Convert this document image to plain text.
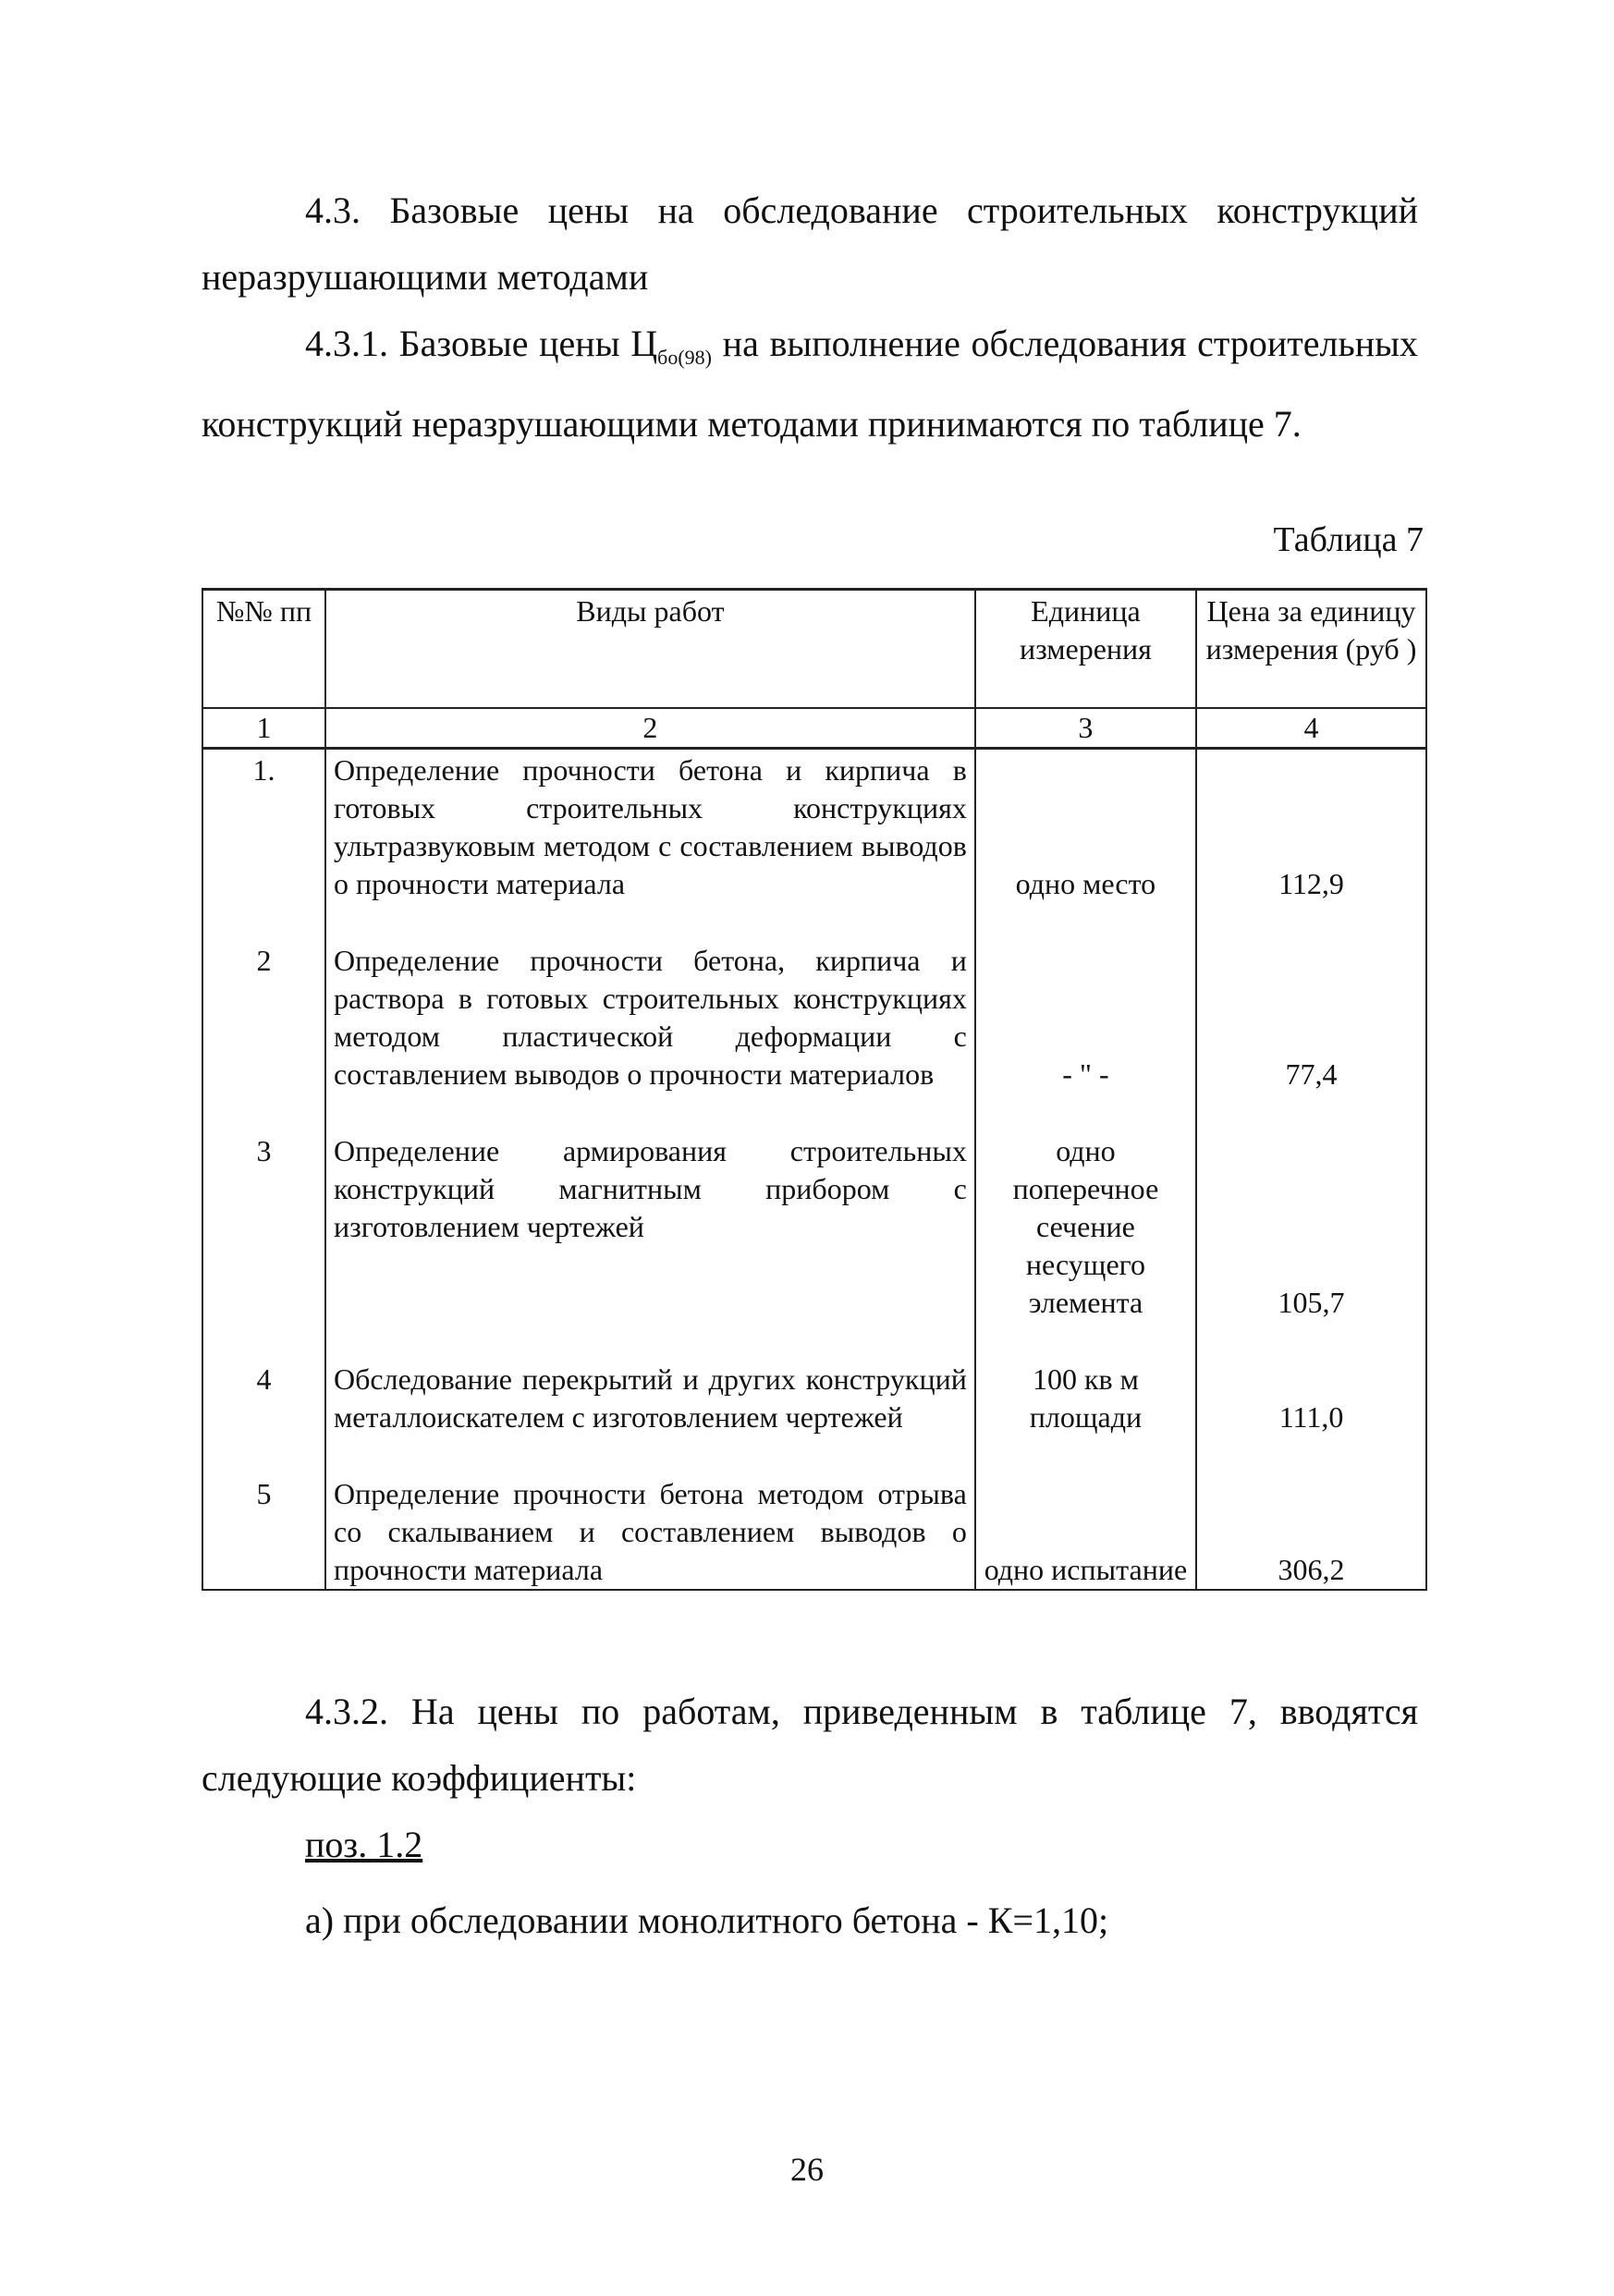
4.3. Базовые цены на обследование строительных конструкций неразрушающими методами
4.3.1. Базовые цены $Ц_{бо(98)}$ на выполнение обследования строительных конструкций неразрушающими методами принимаются по таблице 7.
Таблица 7
№№ пп	Виды работ	Единица измерения	Цена за единицу измерения (руб )
1	2	3	4
1.	Определение прочности бетона и кирпича в готовых строительных конструкциях ультразвуковым методом с составлением выводов о прочности материала	одно место	112,9
2	Определение прочности бетона, кирпича и раствора в готовых строительных конструкциях методом пластической деформации с составлением выводов о прочности материалов	- " -	77,4
3	Определение армирования строительных конструкций магнитным прибором с изготовлением чертежей	одно поперечное сечение несущего элемента	105,7
4	Обследование перекрытий и других конструкций металлоискателем с изготовлением чертежей	100 кв м площади	111,0
5	Определение прочности бетона методом отрыва со скалыванием и составлением выводов о прочности материала	одно испытание	306,2
4.3.2. На цены по работам, приведенным в таблице 7, вводятся следующие коэффициенты:
поз. 1.2
а) при обследовании монолитного бетона - К=1,10;
26
